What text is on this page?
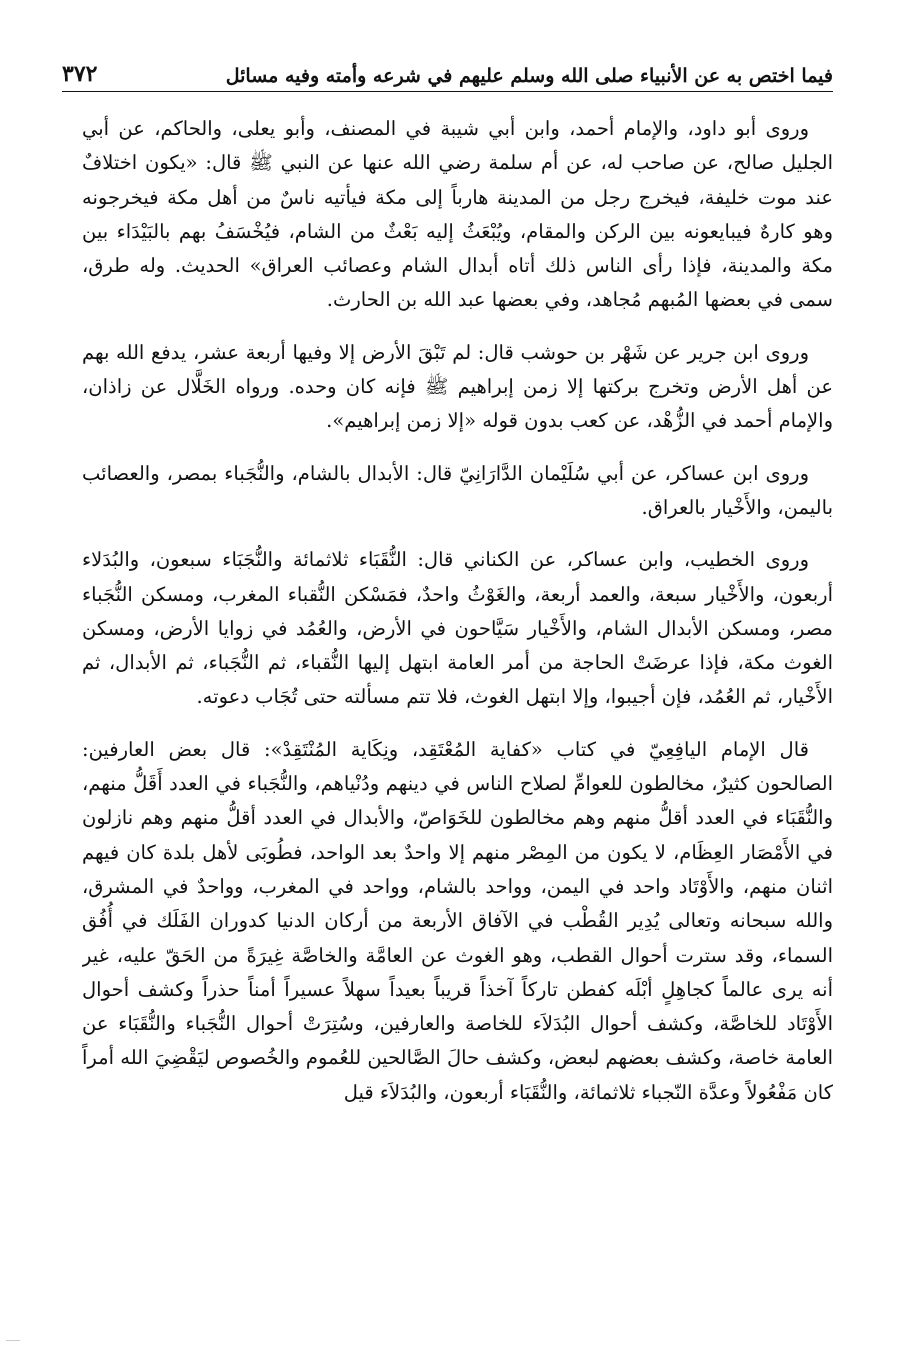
فيما اختص به عن الأنبياء صلى الله وسلم عليهم في شرعه وأمته وفيه مسائل
٣٧٢

وروى أبو داود، والإمام أحمد، وابن أبي شيبة في المصنف، وأبو يعلى، والحاكم، عن أبي الجليل صالح، عن صاحب له، عن أم سلمة رضي الله عنها عن النبي ﷺ قال: «يكون اختلافٌ عند موت خليفة، فيخرج رجل من المدينة هارباً إلى مكة فيأتيه ناسٌ من أهل مكة فيخرجونه وهو كارهٌ فيبايعونه بين الركن والمقام، ويُبْعَثُ إليه بَعْثٌ من الشام، فيُخْسَفُ بهم بالبَيْدَاء بين مكة والمدينة، فإذا رأى الناس ذلك أتاه أبدال الشام وعصائب العراق» الحديث. وله طرق، سمى في بعضها المُبهم مُجاهد، وفي بعضها عبد الله بن الحارث.

وروى ابن جرير عن شَهْر بن حوشب قال: لم تَبْقَ الأرض إلا وفيها أربعة عشر، يدفع الله بهم عن أهل الأرض وتخرج بركتها إلا زمن إبراهيم ﷺ فإنه كان وحده. ورواه الخَلَّال عن زاذان، والإمام أحمد في الزُّهْد، عن كعب بدون قوله «إلا زمن إبراهيم».

وروى ابن عساكر، عن أبي سُلَيْمان الدَّارَانِيّ قال: الأبدال بالشام، والنُّجَباء بمصر، والعصائب باليمن، والأَخْيار بالعراق.

وروى الخطيب، وابن عساكر، عن الكناني قال: النُّقَبَاء ثلاثمائة والنُّجَبَاء سبعون، والبُدَلاء أربعون، والأَخْيار سبعة، والعمد أربعة، والغَوْثُ واحدٌ، فمَسْكن النُّقباء المغرب، ومسكن النُّجَباء مصر، ومسكن الأبدال الشام، والأَخْيار سَيَّاحون في الأرض، والعُمُد في زوايا الأرض، ومسكن الغوث مكة، فإذا عرضَتْ الحاجة من أمر العامة ابتهل إليها النُّقباء، ثم النُّجَباء، ثم الأبدال، ثم الأَخْيار، ثم العُمُد، فإن أجيبوا، وإلا ابتهل الغوث، فلا تتم مسألته حتى تُجَاب دعوته.

قال الإمام اليافِعِيّ في كتاب «كفاية المُعْتَقِد، ونِكَاية المُنْتَقِدْ»: قال بعض العارفين: الصالحون كثيرٌ، مخالطون للعوامِّ لصلاح الناس في دينهم ودُنْياهم، والنُّجَباء في العدد أَقَلُّ منهم، والنُّقَبَاء في العدد أقلُّ منهم وهم مخالطون للخَوَاصّ، والأبدال في العدد أقلُّ منهم وهم نازلون في الأَمْصَار العِظَام، لا يكون من المِصْر منهم إلا واحدٌ بعد الواحد، فطُوبَى لأهل بلدة كان فيهم اثنان منهم، والأَوْتَاد واحد في اليمن، وواحد بالشام، وواحد في المغرب، وواحدٌ في المشرق، والله سبحانه وتعالى يُدِير القُطْب في الآفاق الأربعة من أركان الدنيا كدوران الفَلَك في أُفُق السماء، وقد سترت أحوال القطب، وهو الغوث عن العامَّة والخاصَّة غِيرَةً من الحَقّ عليه، غير أنه يرى عالماً كجاهِلٍ أبْلَه كفطن تاركاً آخذاً قريباً بعيداً سهلاً عسيراً أمناً حذراً وكشف أحوال الأَوْتَاد للخاصَّة، وكشف أحوال البُدَلاَء للخاصة والعارفين، وسُتِرَتْ أحوال النُّجَباء والنُّقَبَاء عن العامة خاصة، وكشف بعضهم لبعض، وكشف حالَ الصَّالحين للعُموم والخُصوص ليَقْضِيَ الله أمراً كان مَفْعُولاً وعدَّة النّجباء ثلاثمائة، والنُّقَبَاء أربعون، والبُدَلاَء قيل
